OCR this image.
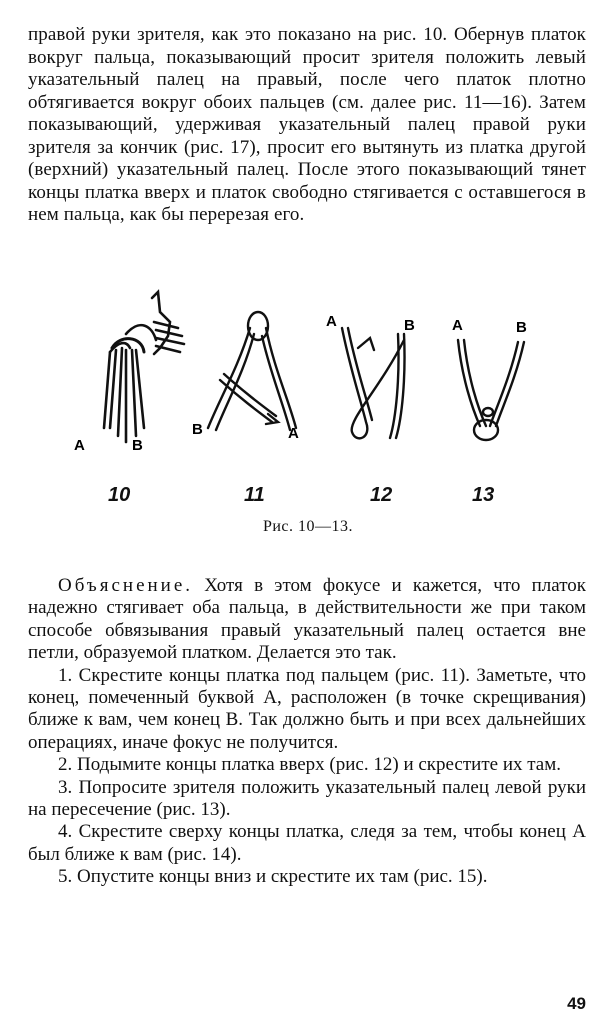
правой руки зрителя, как это показано на рис. 10. Обернув платок вокруг пальца, показывающий просит зрителя положить левый указательный палец на правый, после чего платок плотно обтягивается вокруг обоих пальцев (см. далее рис. 11—16). Затем показывающий, удерживая указательный палец правой руки зрителя за кончик (рис. 17), просит его вытянуть из платка другой (верхний) указательный палец. После этого показывающий тянет концы платка вверх и платок свободно стягивается с оставшегося в нем пальца, как бы перерезая его.
А	В
В	А
А	В А	В
10	11	12	13
Рис. 10—13.

Объяснение. Хотя в этом фокусе и кажется, что платок надежно стягивает оба пальца, в действительности же при таком способе обвязывания правый указательный палец остается вне петли, образуемой платком. Делается это так.

1. Скрестите концы платка под пальцем (рис. 11). Заметьте, что конец, помеченный буквой А, расположен (в точке скрещивания) ближе к вам, чем конец В. Так должно быть и при всех дальнейших операциях, иначе фокус не получится.

2. Подымите концы платка вверх (рис. 12) и скрестите их там.

3. Попросите зрителя положить указательный палец левой руки на пересечение (рис. 13).

4. Скрестите сверху концы платка, следя за тем, чтобы конец А был ближе к вам (рис. 14).

5. Опустите концы вниз и скрестите их там (рис. 15).

49
